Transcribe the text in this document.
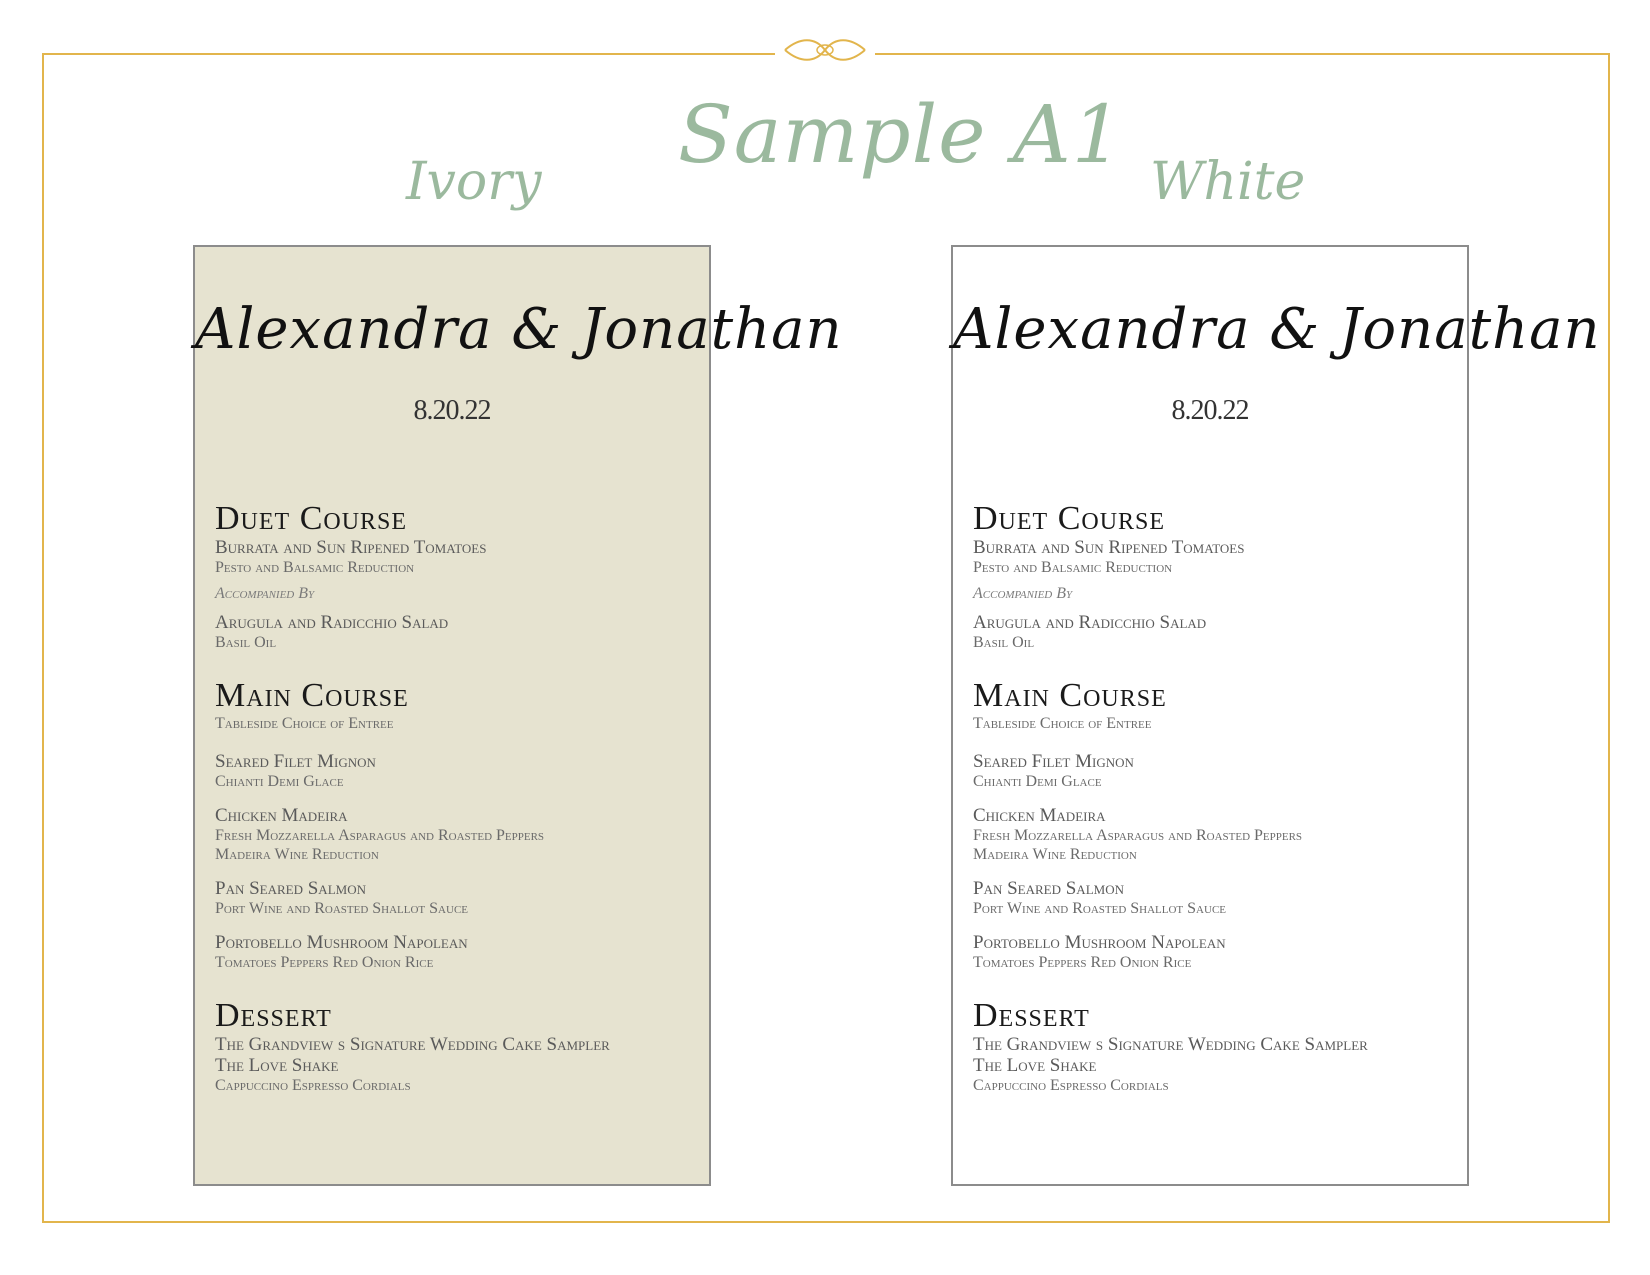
Sample A1
Ivory	White
Alexandra & Jonathan
8.20.22
Duet Course
Burrata and Sun Ripened Tomatoes
Pesto and Balsamic Reduction
Accompanied By
Arugula and Radicchio Salad
Basil Oil
Main Course
Tableside Choice of Entree
Seared Filet Mignon
Chianti Demi Glace
Chicken Madeira
Fresh Mozzarella Asparagus and Roasted Peppers
Madeira Wine Reduction
Pan Seared Salmon
Port Wine and Roasted Shallot Sauce
Portobello Mushroom Napolean
Tomatoes Peppers Red Onion Rice
Dessert
The Grandview s Signature Wedding Cake Sampler
The Love Shake
Cappuccino Espresso Cordials
Alexandra & Jonathan
8.20.22
Duet Course
Burrata and Sun Ripened Tomatoes
Pesto and Balsamic Reduction
Accompanied By
Arugula and Radicchio Salad
Basil Oil
Main Course
Tableside Choice of Entree
Seared Filet Mignon
Chianti Demi Glace
Chicken Madeira
Fresh Mozzarella Asparagus and Roasted Peppers
Madeira Wine Reduction
Pan Seared Salmon
Port Wine and Roasted Shallot Sauce
Portobello Mushroom Napolean
Tomatoes Peppers Red Onion Rice
Dessert
The Grandview s Signature Wedding Cake Sampler
The Love Shake
Cappuccino Espresso Cordials
